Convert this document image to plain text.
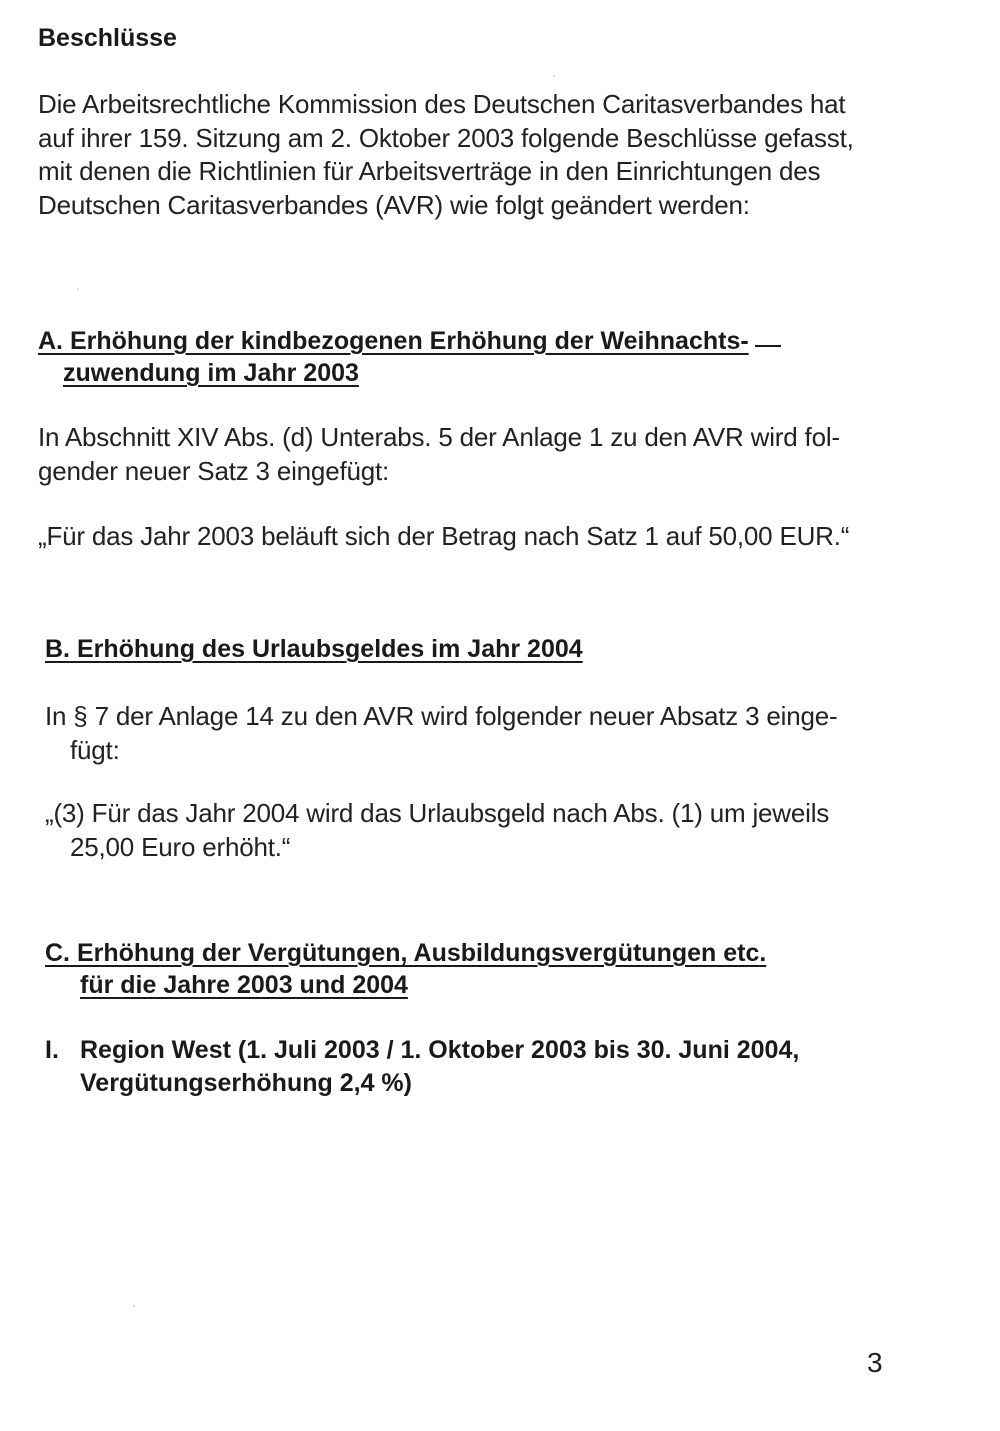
Beschlüsse

Die Arbeitsrechtliche Kommission des Deutschen Caritasverbandes hat
auf ihrer 159. Sitzung am 2. Oktober 2003 folgende Beschlüsse gefasst,
mit denen die Richtlinien für Arbeitsverträge in den Einrichtungen des
Deutschen Caritasverbandes (AVR) wie folgt geändert werden:

A. Erhöhung der kindbezogenen Erhöhung der Weihnachts-
zuwendung im Jahr 2003

In Abschnitt XIV Abs. (d) Unterabs. 5 der Anlage 1 zu den AVR wird fol-
gender neuer Satz 3 eingefügt:

„Für das Jahr 2003 beläuft sich der Betrag nach Satz 1 auf 50,00 EUR.“

B. Erhöhung des Urlaubsgeldes im Jahr 2004

In § 7 der Anlage 14 zu den AVR wird folgender neuer Absatz 3 einge-
fügt:

„(3) Für das Jahr 2004 wird das Urlaubsgeld nach Abs. (1) um jeweils
25,00 Euro erhöht.“

C. Erhöhung der Vergütungen, Ausbildungsvergütungen etc.
für die Jahre 2003 und 2004
I. Region West (1. Juli 2003 / 1. Oktober 2003 bis 30. Juni 2004,
Vergütungserhöhung 2,4 %)
3
